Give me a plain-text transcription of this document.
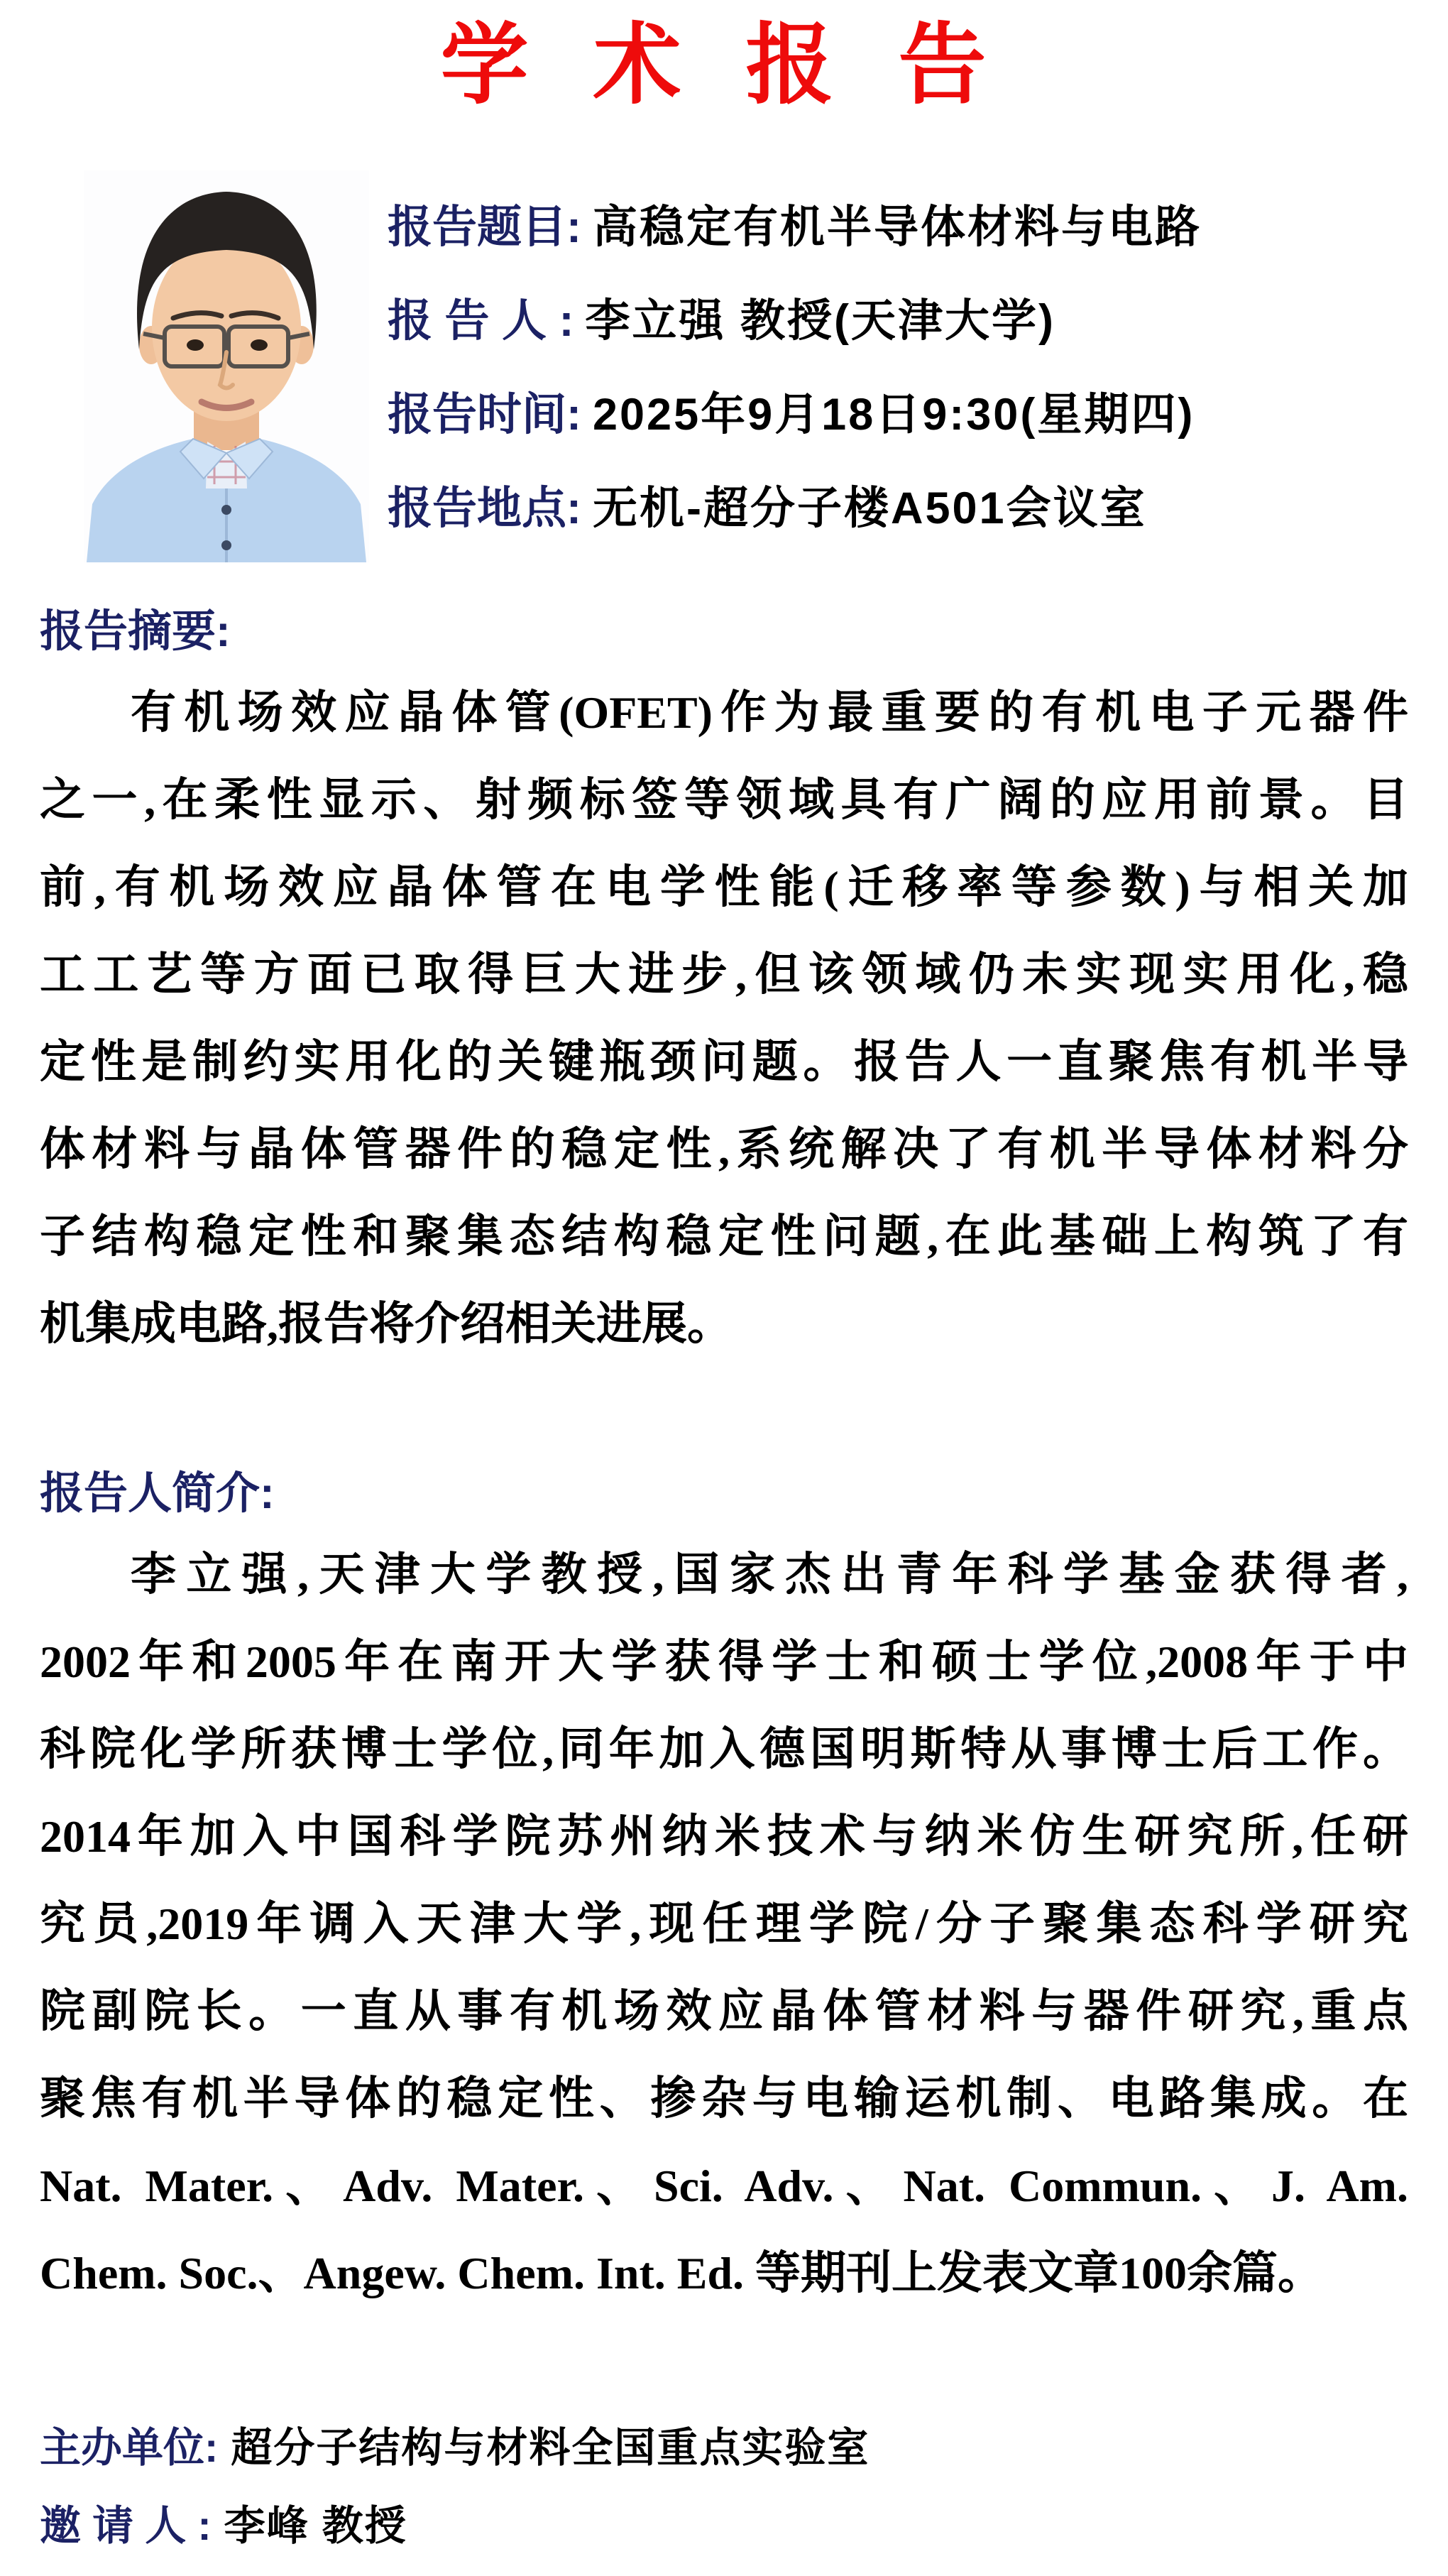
学 术 报 告
报告题目: 高稳定有机半导体材料与电路
报 告 人 : 李立强 教授(天津大学)
报告时间: 2025年9月18日9:30(星期四)
报告地点: 无机-超分子楼A501会议室
报告摘要:
有机场效应晶体管(OFET)作为最重要的有机电子元器件
之一,在柔性显示、射频标签等领域具有广阔的应用前景。目
前,有机场效应晶体管在电学性能(迁移率等参数)与相关加
工工艺等方面已取得巨大进步,但该领域仍未实现实用化,稳
定性是制约实用化的关键瓶颈问题。报告人一直聚焦有机半导
体材料与晶体管器件的稳定性,系统解决了有机半导体材料分
子结构稳定性和聚集态结构稳定性问题,在此基础上构筑了有
机集成电路,报告将介绍相关进展。
报告人简介:
李立强,天津大学教授,国家杰出青年科学基金获得者,
2002年和2005年在南开大学获得学士和硕士学位,2008年于中
科院化学所获博士学位,同年加入德国明斯特从事博士后工作。
2014年加入中国科学院苏州纳米技术与纳米仿生研究所,任研
究员,2019年调入天津大学,现任理学院/分子聚集态科学研究
院副院长。一直从事有机场效应晶体管材料与器件研究,重点
聚焦有机半导体的稳定性、掺杂与电输运机制、电路集成。在
Nat. Mater.、Adv. Mater.、Sci. Adv.、Nat. Commun.、J. Am.
Chem. Soc.、Angew. Chem. Int. Ed. 等期刊上发表文章100余篇。
主办单位: 超分子结构与材料全国重点实验室
邀 请 人 : 李峰 教授
